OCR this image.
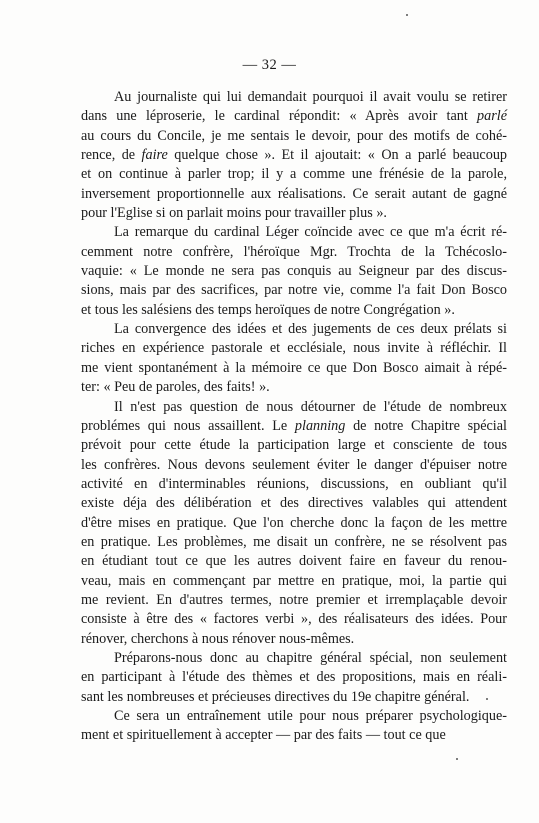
— 32 —
Au journaliste qui lui demandait pourquoi il avait voulu se retirer
dans une léproserie, le cardinal répondit: « Après avoir tant parlé
au cours du Concile, je me sentais le devoir, pour des motifs de cohé-
rence, de faire quelque chose ». Et il ajoutait: « On a parlé beaucoup
et on continue à parler trop; il y a comme une frénésie de la parole,
inversement proportionnelle aux réalisations. Ce serait autant de gagné
pour l'Eglise si on parlait moins pour travailler plus ».
La remarque du cardinal Léger coïncide avec ce que m'a écrit ré-
cemment notre confrère, l'héroïque Mgr. Trochta de la Tchécoslo-
vaquie: « Le monde ne sera pas conquis au Seigneur par des discus-
sions, mais par des sacrifices, par notre vie, comme l'a fait Don Bosco
et tous les salésiens des temps heroïques de notre Congrégation ».
La convergence des idées et des jugements de ces deux prélats si
riches en expérience pastorale et ecclésiale, nous invite à réfléchir. Il
me vient spontanément à la mémoire ce que Don Bosco aimait à répé-
ter: « Peu de paroles, des faits! ».
Il n'est pas question de nous détourner de l'étude de nombreux
problémes qui nous assaillent. Le planning de notre Chapitre spécial
prévoit pour cette étude la participation large et consciente de tous
les confrères. Nous devons seulement éviter le danger d'épuiser notre
activité en d'interminables réunions, discussions, en oubliant qu'il
existe déja des délibération et des directives valables qui attendent
d'être mises en pratique. Que l'on cherche donc la façon de les mettre
en pratique. Les problèmes, me disait un confrère, ne se résolvent pas
en étudiant tout ce que les autres doivent faire en faveur du renou-
veau, mais en commençant par mettre en pratique, moi, la partie qui
me revient. En d'autres termes, notre premier et irremplaçable devoir
consiste à être des « factores verbi », des réalisateurs des idées. Pour
rénover, cherchons à nous rénover nous-mêmes.
Préparons-nous donc au chapitre général spécial, non seulement
en participant à l'étude des thèmes et des propositions, mais en réali-
sant les nombreuses et précieuses directives du 19e chapitre général.
Ce sera un entraînement utile pour nous préparer psychologique-
ment et spirituellement à accepter — par des faits — tout ce que
